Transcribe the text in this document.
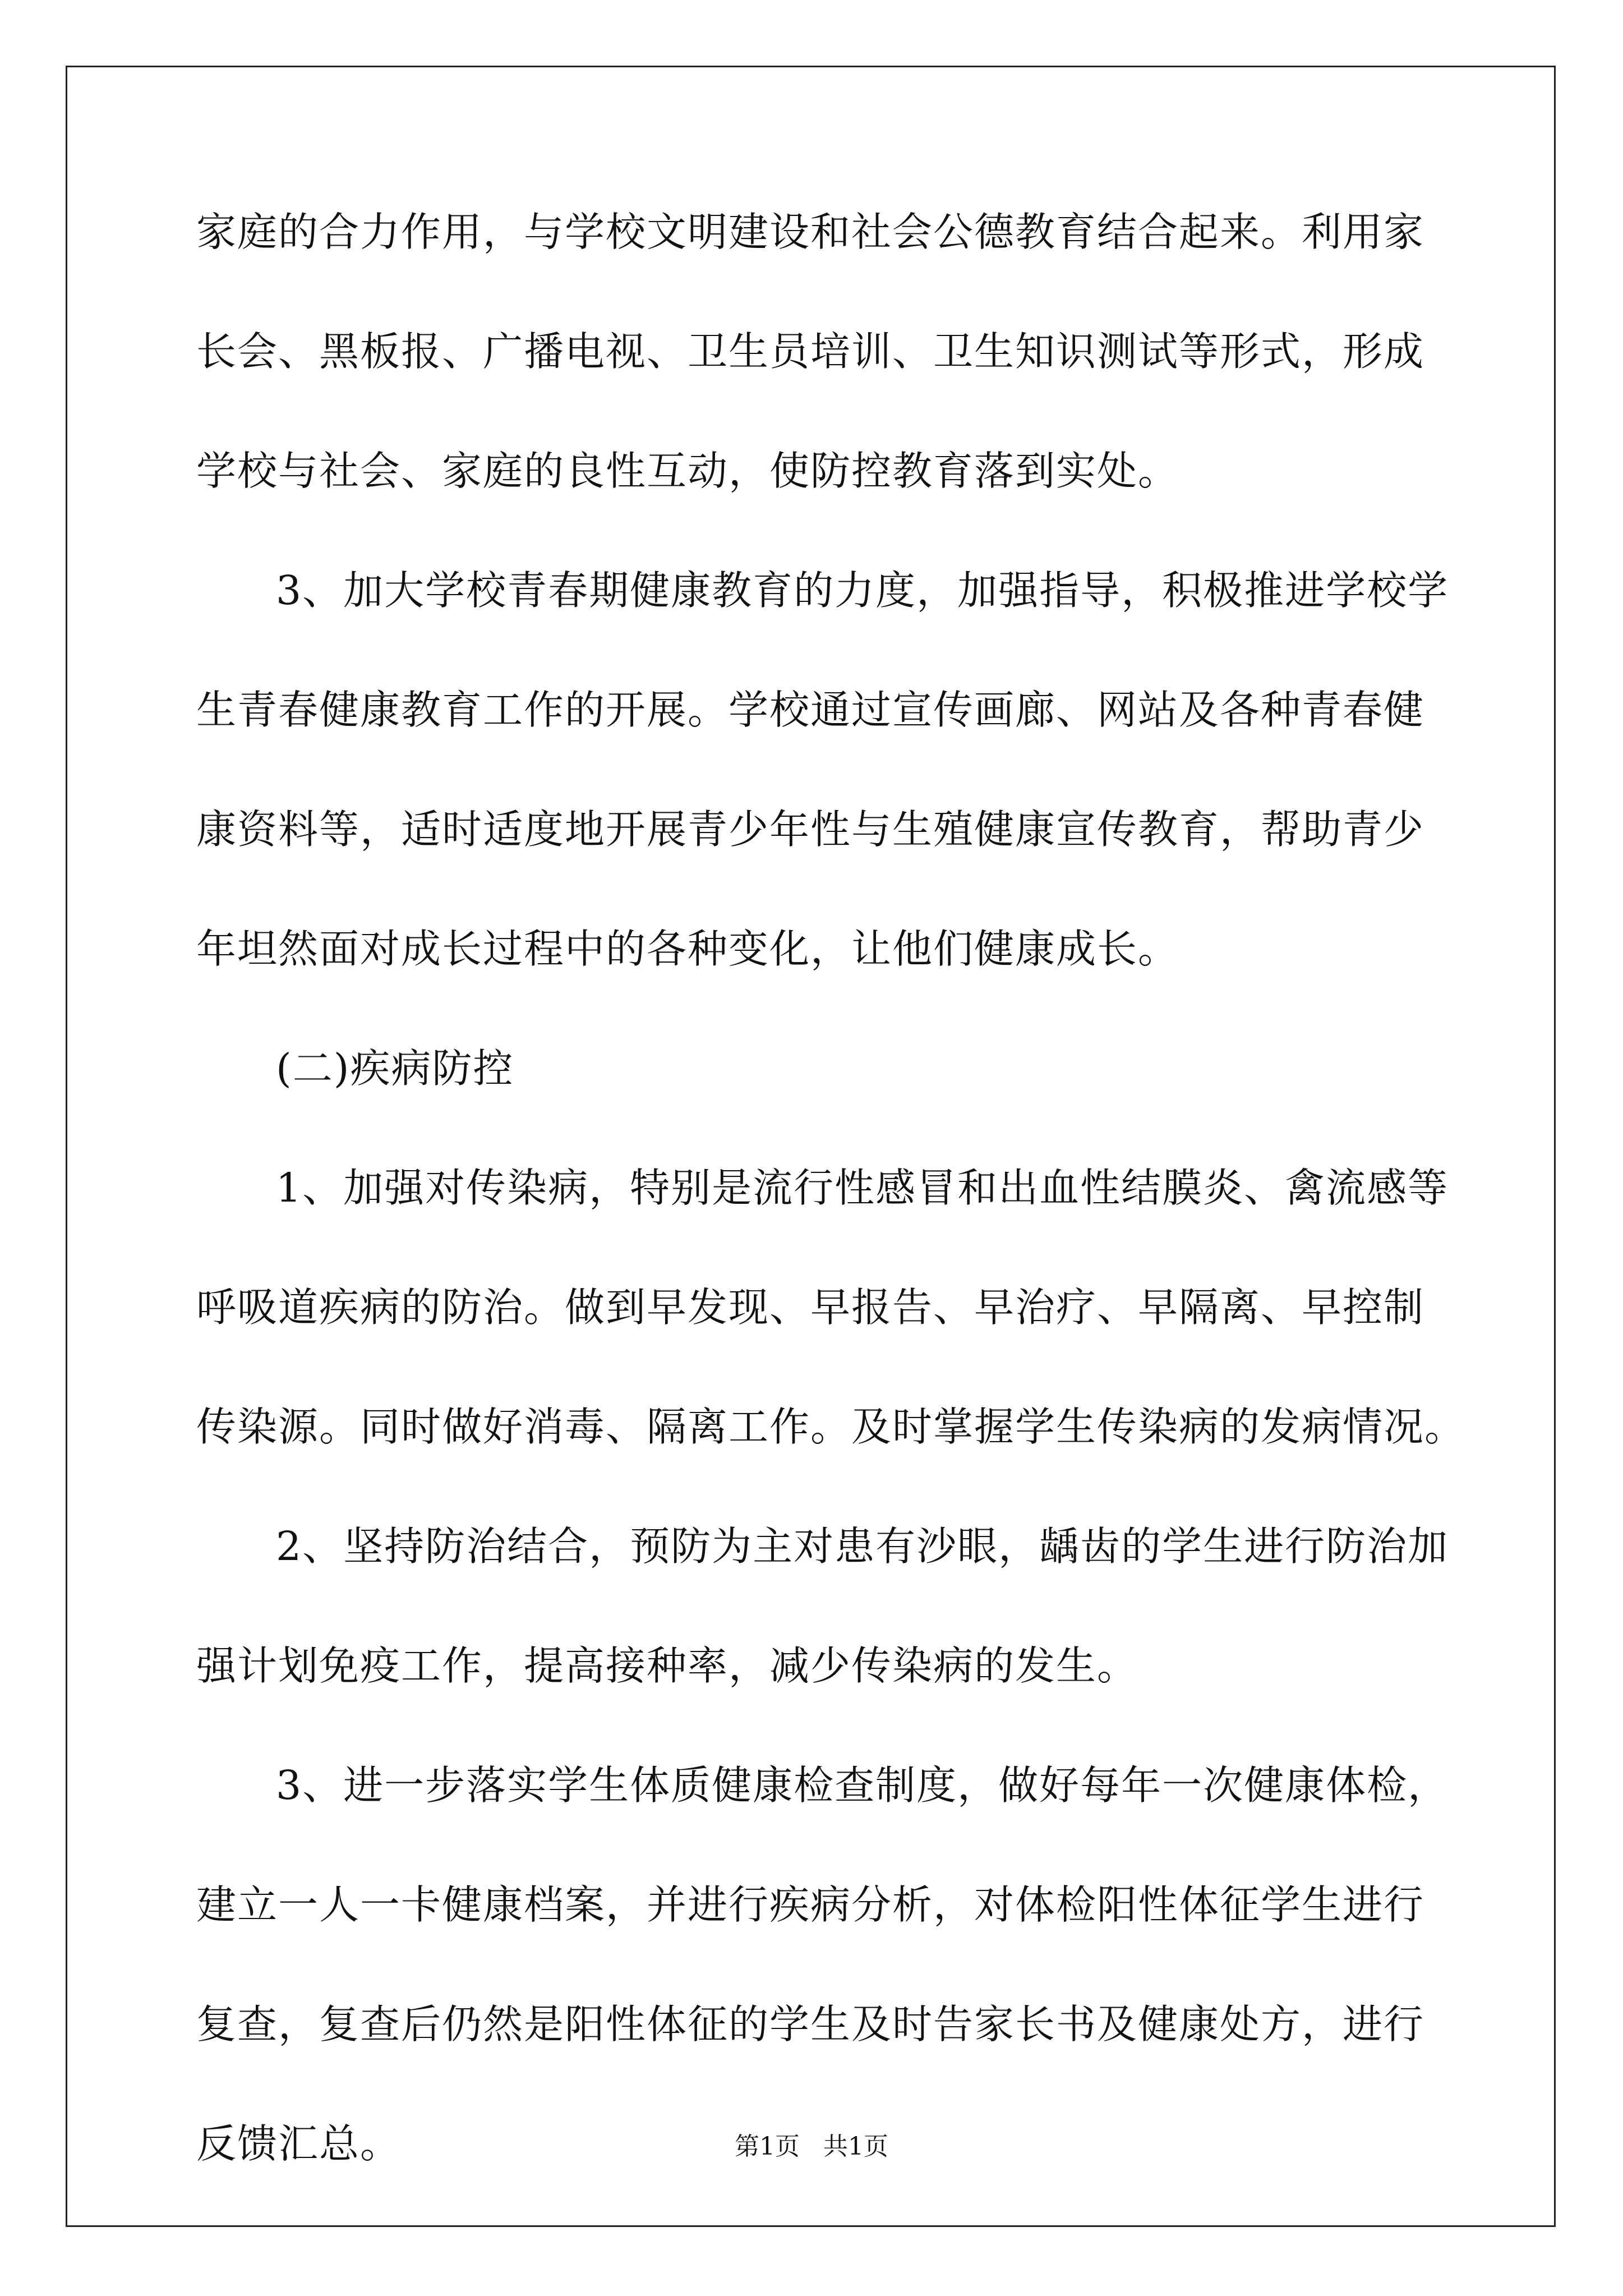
家庭的合力作用，与学校文明建设和社会公德教育结合起来。利用家
长会、黑板报、广播电视、卫生员培训、卫生知识测试等形式，形成
学校与社会、家庭的良性互动，使防控教育落到实处。
3、加大学校青春期健康教育的力度，加强指导，积极推进学校学
生青春健康教育工作的开展。学校通过宣传画廊、网站及各种青春健
康资料等，适时适度地开展青少年性与生殖健康宣传教育，帮助青少
年坦然面对成长过程中的各种变化，让他们健康成长。
(二)疾病防控
1、加强对传染病，特别是流行性感冒和出血性结膜炎、禽流感等
呼吸道疾病的防治。做到早发现、早报告、早治疗、早隔离、早控制
传染源。同时做好消毒、隔离工作。及时掌握学生传染病的发病情况。
2、坚持防治结合，预防为主对患有沙眼，龋齿的学生进行防治加
强计划免疫工作，提高接种率，减少传染病的发生。
3、进一步落实学生体质健康检查制度，做好每年一次健康体检，
建立一人一卡健康档案，并进行疾病分析，对体检阳性体征学生进行
复查，复查后仍然是阳性体征的学生及时告家长书及健康处方，进行
反馈汇总。	第1页   共1页
